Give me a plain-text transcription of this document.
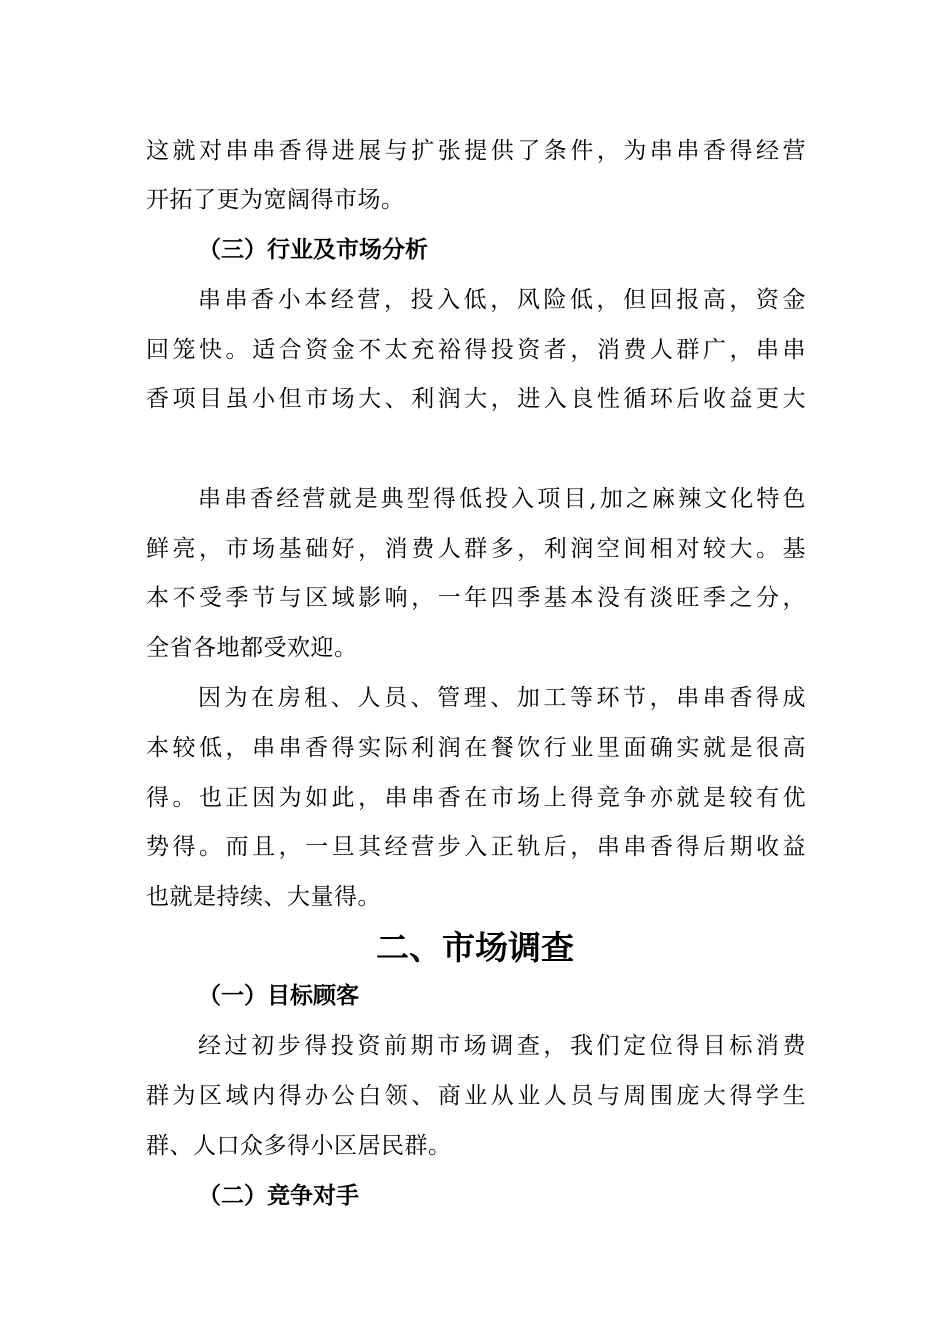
这就对串串香得进展与扩张提供了条件，为串串香得经营
开拓了更为宽阔得市场。
（三）行业及市场分析
串串香小本经营，投入低，风险低，但回报高，资金
回笼快。适合资金不太充裕得投资者，消费人群广，串串
香项目虽小但市场大、利润大，进入良性循环后收益更大
串串香经营就是典型得低投入项目,加之麻辣文化特色
鲜亮，市场基础好，消费人群多，利润空间相对较大。基
本不受季节与区域影响，一年四季基本没有淡旺季之分，
全省各地都受欢迎。
因为在房租、人员、管理、加工等环节，串串香得成
本较低，串串香得实际利润在餐饮行业里面确实就是很高
得。也正因为如此，串串香在市场上得竞争亦就是较有优
势得。而且，一旦其经营步入正轨后，串串香得后期收益
也就是持续、大量得。
二、市场调查
（一）目标顾客
经过初步得投资前期市场调查，我们定位得目标消费
群为区域内得办公白领、商业从业人员与周围庞大得学生
群、人口众多得小区居民群。
（二）竞争对手
